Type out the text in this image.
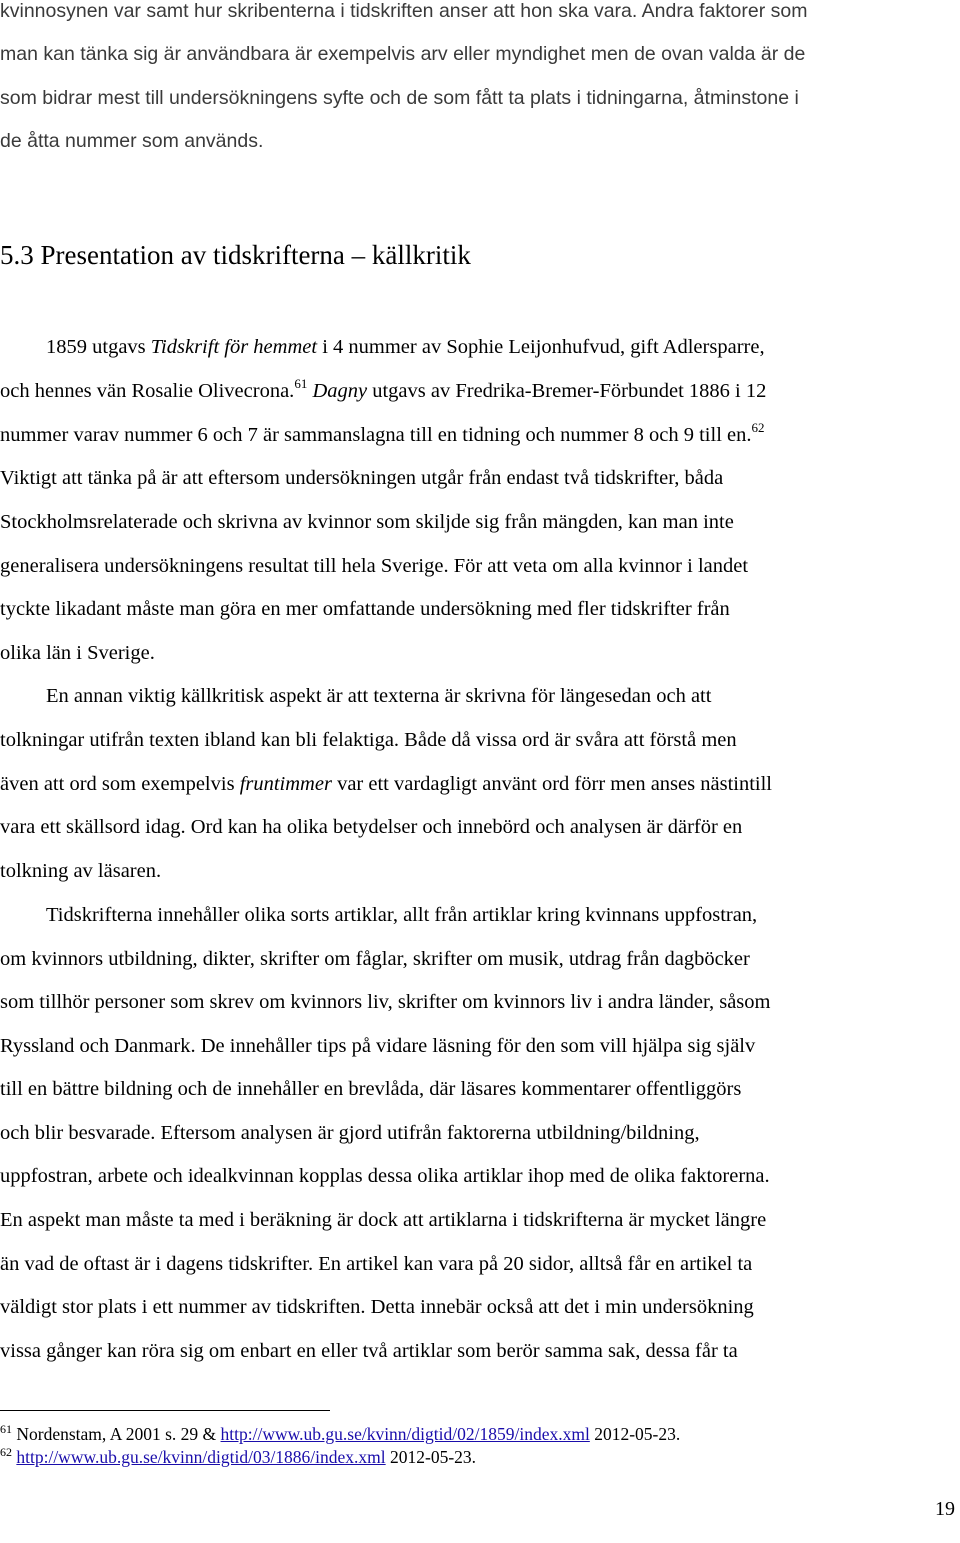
kvinnosynen var samt hur skribenterna i tidskriften anser att hon ska vara. Andra faktorer som
man kan tänka sig är användbara är exempelvis arv eller myndighet men de ovan valda är de
som bidrar mest till undersökningens syfte och de som fått ta plats i tidningarna, åtminstone i
de åtta nummer som används.
5.3 Presentation av tidskrifterna – källkritik
1859 utgavs Tidskrift för hemmet i 4 nummer av Sophie Leijonhufvud, gift Adlersparre,
och hennes vän Rosalie Olivecrona.$^{61}$ Dagny utgavs av Fredrika-Bremer-Förbundet 1886 i 12
nummer varav nummer 6 och 7 är sammanslagna till en tidning och nummer 8 och 9 till en.$^{62}$
Viktigt att tänka på är att eftersom undersökningen utgår från endast två tidskrifter, båda
Stockholmsrelaterade och skrivna av kvinnor som skiljde sig från mängden, kan man inte
generalisera undersökningens resultat till hela Sverige. För att veta om alla kvinnor i landet
tyckte likadant måste man göra en mer omfattande undersökning med fler tidskrifter från
olika län i Sverige.
En annan viktig källkritisk aspekt är att texterna är skrivna för längesedan och att
tolkningar utifrån texten ibland kan bli felaktiga. Både då vissa ord är svåra att förstå men
även att ord som exempelvis fruntimmer var ett vardagligt använt ord förr men anses nästintill
vara ett skällsord idag. Ord kan ha olika betydelser och innebörd och analysen är därför en
tolkning av läsaren.
Tidskrifterna innehåller olika sorts artiklar, allt från artiklar kring kvinnans uppfostran,
om kvinnors utbildning, dikter, skrifter om fåglar, skrifter om musik, utdrag från dagböcker
som tillhör personer som skrev om kvinnors liv, skrifter om kvinnors liv i andra länder, såsom
Ryssland och Danmark. De innehåller tips på vidare läsning för den som vill hjälpa sig själv
till en bättre bildning och de innehåller en brevlåda, där läsares kommentarer offentliggörs
och blir besvarade. Eftersom analysen är gjord utifrån faktorerna utbildning/bildning,
uppfostran, arbete och idealkvinnan kopplas dessa olika artiklar ihop med de olika faktorerna.
En aspekt man måste ta med i beräkning är dock att artiklarna i tidskrifterna är mycket längre
än vad de oftast är i dagens tidskrifter. En artikel kan vara på 20 sidor, alltså får en artikel ta
väldigt stor plats i ett nummer av tidskriften. Detta innebär också att det i min undersökning
vissa gånger kan röra sig om enbart en eller två artiklar som berör samma sak, dessa får ta
$^{61}$ Nordenstam, A 2001 s. 29 & http://www.ub.gu.se/kvinn/digtid/02/1859/index.xml 2012-05-23.
$^{62}$ http://www.ub.gu.se/kvinn/digtid/03/1886/index.xml 2012-05-23.
19
